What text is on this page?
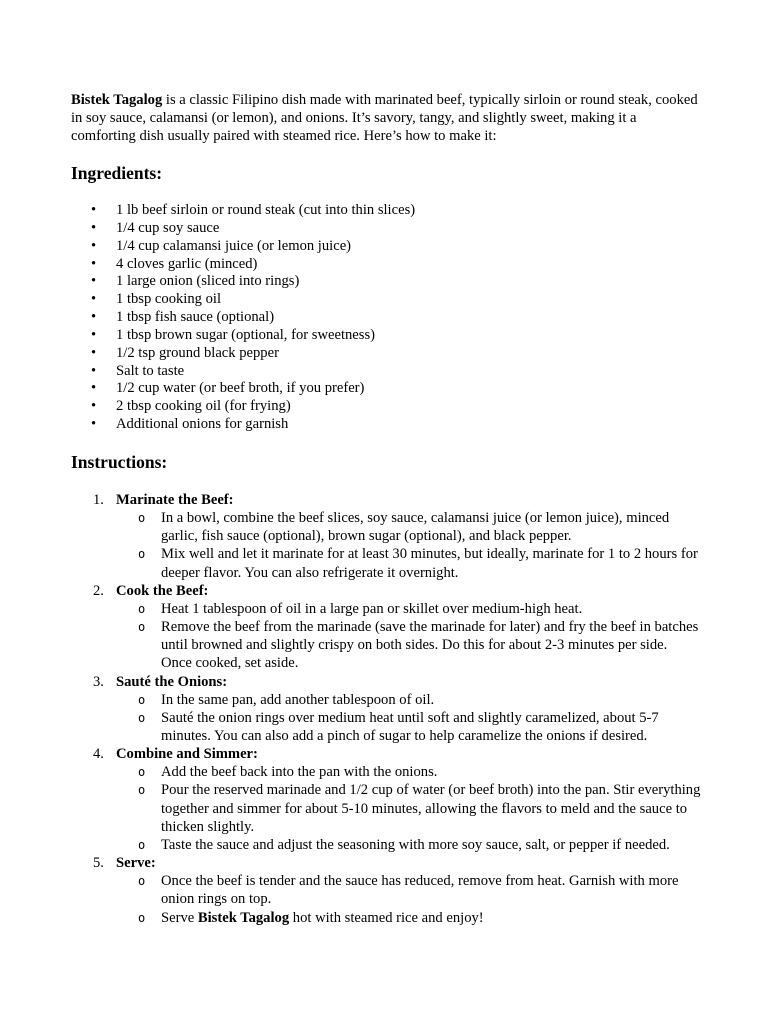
Bistek Tagalog is a classic Filipino dish made with marinated beef, typically sirloin or round steak, cooked in soy sauce, calamansi (or lemon), and onions. It’s savory, tangy, and slightly sweet, making it a comforting dish usually paired with steamed rice. Here’s how to make it:

Ingredients:
• 1 lb beef sirloin or round steak (cut into thin slices)
• 1/4 cup soy sauce
• 1/4 cup calamansi juice (or lemon juice)
• 4 cloves garlic (minced)
• 1 large onion (sliced into rings)
• 1 tbsp cooking oil
• 1 tbsp fish sauce (optional)
• 1 tbsp brown sugar (optional, for sweetness)
• 1/2 tsp ground black pepper
• Salt to taste
• 1/2 cup water (or beef broth, if you prefer)
• 2 tbsp cooking oil (for frying)
• Additional onions for garnish
Instructions:
1. Marinate the Beef:
o In a bowl, combine the beef slices, soy sauce, calamansi juice (or lemon juice), minced garlic, fish sauce (optional), brown sugar (optional), and black pepper.
o Mix well and let it marinate for at least 30 minutes, but ideally, marinate for 1 to 2 hours for deeper flavor. You can also refrigerate it overnight.
2. Cook the Beef:
o Heat 1 tablespoon of oil in a large pan or skillet over medium-high heat.
o Remove the beef from the marinade (save the marinade for later) and fry the beef in batches until browned and slightly crispy on both sides. Do this for about 2-3 minutes per side. Once cooked, set aside.
3. Sauté the Onions:
o In the same pan, add another tablespoon of oil.
o Sauté the onion rings over medium heat until soft and slightly caramelized, about 5-7 minutes. You can also add a pinch of sugar to help caramelize the onions if desired.
4. Combine and Simmer:
o Add the beef back into the pan with the onions.
o Pour the reserved marinade and 1/2 cup of water (or beef broth) into the pan. Stir everything together and simmer for about 5-10 minutes, allowing the flavors to meld and the sauce to thicken slightly.
o Taste the sauce and adjust the seasoning with more soy sauce, salt, or pepper if needed.
5. Serve:
o Once the beef is tender and the sauce has reduced, remove from heat. Garnish with more onion rings on top.
o Serve Bistek Tagalog hot with steamed rice and enjoy!
